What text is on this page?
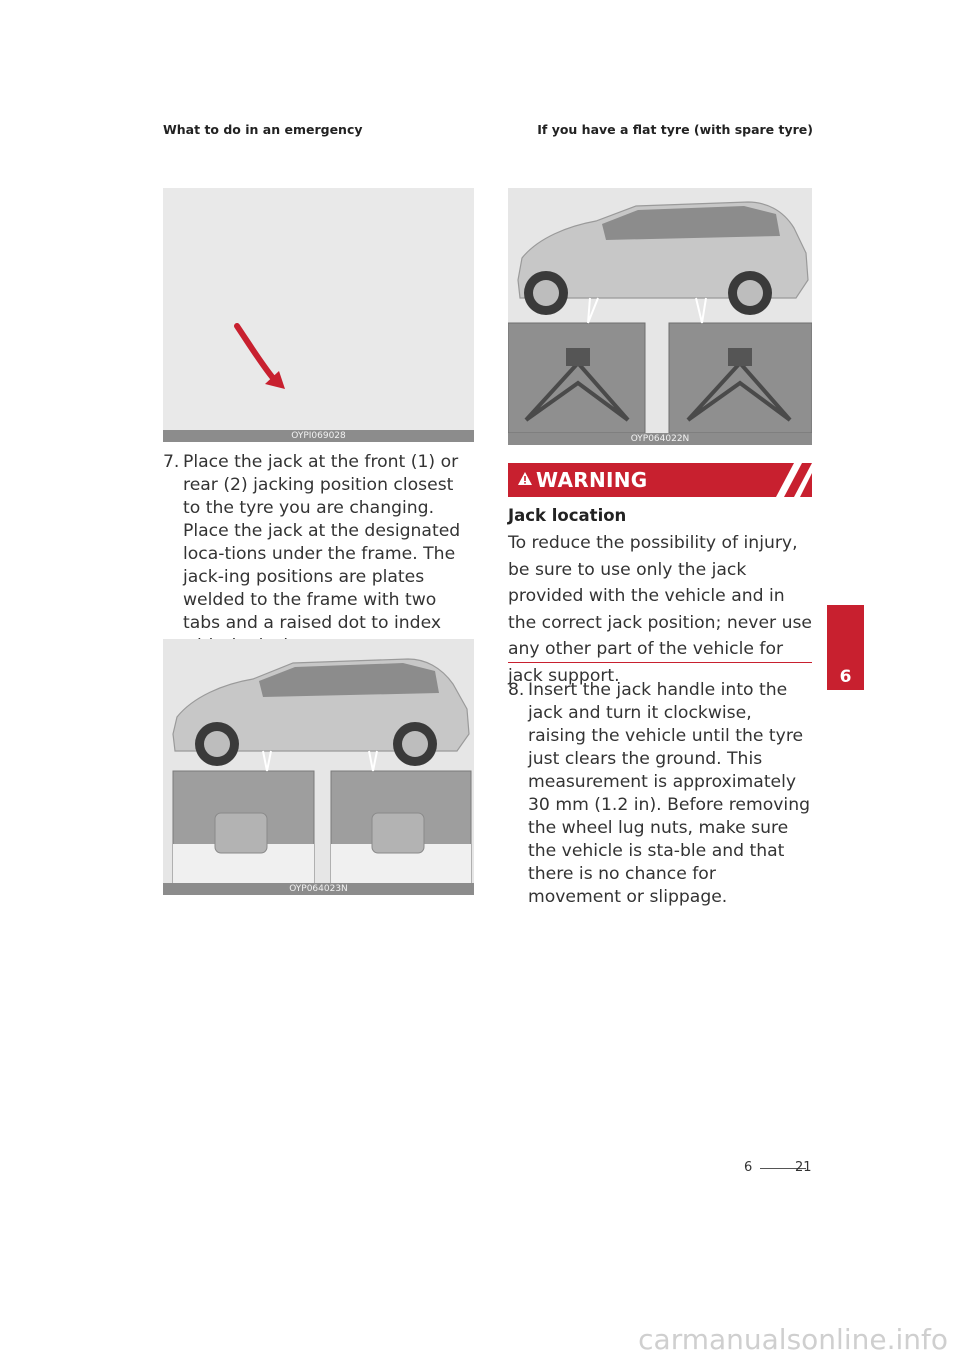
What to do in an emergency	If you have a flat tyre (with spare tyre)
OYPI069028
7. Place the jack at the front (1) or rear (2) jacking position closest to the tyre you are changing. Place the jack at the designated loca-tions under the frame. The jack-ing positions are plates welded to the frame with two tabs and a raised dot to index

OYP064023N
OYP064022N
WARNING
Jack location
To reduce the possibility of injury, be sure to use only the jack provided with the vehicle and in the correct jack position; never use any other part of the vehicle for jack support.
8. Insert the jack handle into the jack and turn it clockwise, raising the vehicle until the tyre just clears the ground. This measurement is approximately 30 mm (1.2 in). Before removing the wheel lug nuts, make sure the vehicle is sta-ble and that there is no chance for movement or slippage.

6
6	21
carmanualsonline.info
